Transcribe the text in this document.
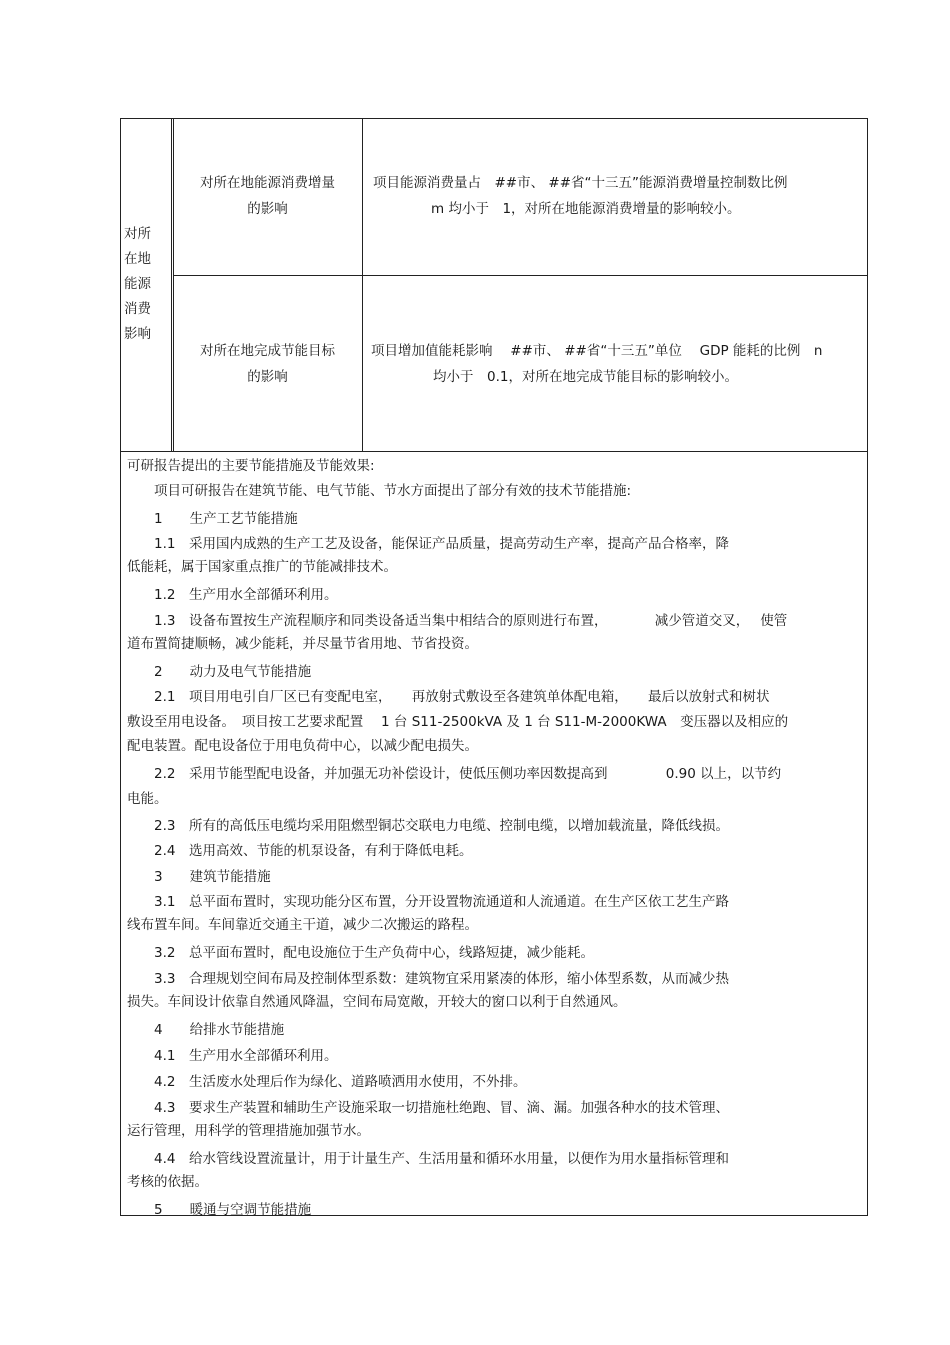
对所
在地
能源
消费
影响
对所在地能源消费增量
的影响
项目能源消费量占　##市、 ##省“十三五”能源消费增量控制数比例
m 均小于　1，对所在地能源消费增量的影响较小。
对所在地完成节能目标
的影响
项目增加值能耗影响　 ##市、 ##省“十三五”单位　 GDP 能耗的比例　n
均小于　0.1，对所在地完成节能目标的影响较小。
可研报告提出的主要节能措施及节能效果:
　　项目可研报告在建筑节能、电气节能、节水方面提出了部分有效的技术节能措施:
　　1　　生产工艺节能措施
　　1.1　采用国内成熟的生产工艺及设备，能保证产品质量，提高劳动生产率，提高产品合格率，降
低能耗，属于国家重点推广的节能减排技术。
　　1.2　生产用水全部循环利用。
　　1.3　设备布置按生产流程顺序和同类设备适当集中相结合的原则进行布置，　　　　减少管道交叉，　 使管
道布置简捷顺畅，减少能耗，并尽量节省用地、节省投资。
　　2　　动力及电气节能措施
　　2.1　项目用电引自厂区已有变配电室，　　再放射式敷设至各建筑单体配电箱，　　最后以放射式和树状
敷设至用电设备。　项目按工艺要求配置　 1 台 S11-2500kVA 及 1 台 S11-M-2000KWA　变压器以及相应的
配电装置。配电设备位于用电负荷中心，以减少配电损失。
　　2.2　采用节能型配电设备，并加强无功补偿设计，使低压侧功率因数提高到　　　　 0.90 以上，以节约
电能。
　　2.3　所有的高低压电缆均采用阻燃型铜芯交联电力电缆、控制电缆，以增加载流量，降低线损。
　　2.4　选用高效、节能的机泵设备，有利于降低电耗。
　　3　　建筑节能措施
　　3.1　总平面布置时，实现功能分区布置，分开设置物流通道和人流通道。在生产区依工艺生产路
线布置车间。车间靠近交通主干道，减少二次搬运的路程。
　　3.2　总平面布置时，配电设施位于生产负荷中心，线路短捷，减少能耗。
　　3.3　合理规划空间布局及控制体型系数：建筑物宜采用紧凑的体形，缩小体型系数，从而减少热
损失。车间设计依靠自然通风降温，空间布局宽敞，开较大的窗口以利于自然通风。
　　4　　给排水节能措施
　　4.1　生产用水全部循环利用。
　　4.2　生活废水处理后作为绿化、道路喷洒用水使用，不外排。
　　4.3　要求生产装置和辅助生产设施采取一切措施杜绝跑、冒、滴、漏。加强各种水的技术管理、
运行管理，用科学的管理措施加强节水。
　　4.4　给水管线设置流量计，用于计量生产、生活用量和循环水用量，以便作为用水量指标管理和
考核的依据。
　　5　　暖通与空调节能措施
